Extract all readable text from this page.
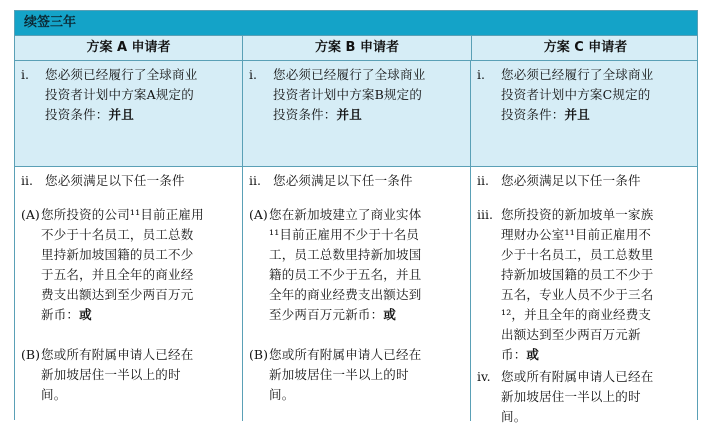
续签三年
方案 A 申请者	方案 B 申请者	方案 C 申请者
i. 您必须已经履行了全球商业
投资者计划中方案A规定的
投资条件：并且
i. 您必须已经履行了全球商业
投资者计划中方案B规定的
投资条件：并且
i. 您必须已经履行了全球商业
投资者计划中方案C规定的
投资条件：并且
ii. 您必须满足以下任一条件
(A) 您所投资的公司¹¹目前正雇用
不少于十名员工，员工总数
里持新加坡国籍的员工不少
于五名，并且全年的商业经
费支出额达到至少两百万元
新币：或
(B) 您或所有附属申请人已经在
新加坡居住一半以上的时
间。
ii. 您必须满足以下任一条件
(A) 您在新加坡建立了商业实体
¹¹目前正雇用不少于十名员
工，员工总数里持新加坡国
籍的员工不少于五名，并且
全年的商业经费支出额达到
至少两百万元新币：或
(B) 您或所有附属申请人已经在
新加坡居住一半以上的时
间。
ii. 您必须满足以下任一条件
iii. 您所投资的新加坡单一家族
理财办公室¹¹目前正雇用不
少于十名员工，员工总数里
持新加坡国籍的员工不少于
五名，专业人员不少于三名
¹²，并且全年的商业经费支
出额达到至少两百万元新
币：或
iv. 您或所有附属申请人已经在
新加坡居住一半以上的时
间。
